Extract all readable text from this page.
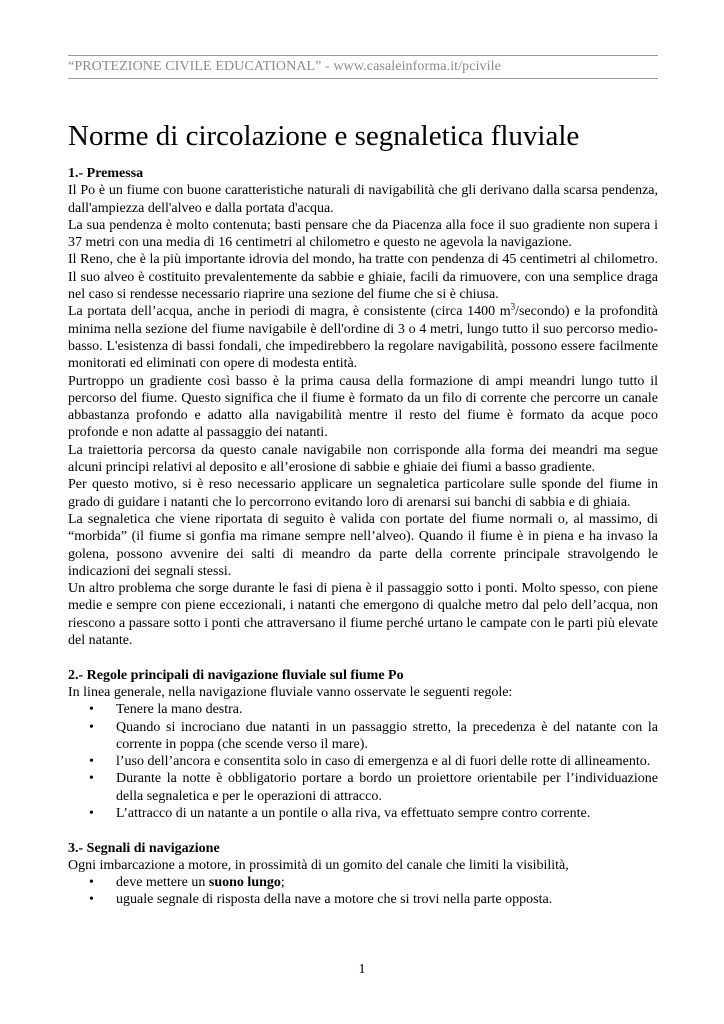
“PROTEZIONE CIVILE EDUCATIONAL” - www.casaleinforma.it/pcivile
Norme di circolazione e segnaletica fluviale

1.- Premessa

Il Po è un fiume con buone caratteristiche naturali di navigabilità che gli derivano dalla scarsa pendenza, dall'ampiezza dell'alveo e dalla portata d'acqua.

La sua pendenza è molto contenuta; basti pensare che da Piacenza alla foce il suo gradiente non supera i 37 metri con una media di 16 centimetri al chilometro e questo ne agevola la navigazione.

Il Reno, che è la più importante idrovia del mondo, ha tratte con pendenza di 45 centimetri al chilometro. Il suo alveo è costituito prevalentemente da sabbie e ghiaie, facili da rimuovere, con una semplice draga nel caso si rendesse necessario riaprire una sezione del fiume che si è chiusa.

La portata dell’acqua, anche in periodi di magra, è consistente (circa 1400 $m^3/secondo$) e la profondità minima nella sezione del fiume navigabile è dell'ordine di 3 o 4 metri, lungo tutto il suo percorso medio-basso. L'esistenza di bassi fondali, che impedirebbero la regolare navigabilità, possono essere facilmente monitorati ed eliminati con opere di modesta entità.

Purtroppo un gradiente così basso è la prima causa della formazione di ampi meandri lungo tutto il percorso del fiume. Questo significa che il fiume è formato da un filo di corrente che percorre un canale abbastanza profondo e adatto alla navigabilità mentre il resto del fiume è formato da acque poco profonde e non adatte al passaggio dei natanti.

La traiettoria percorsa da questo canale navigabile non corrisponde alla forma dei meandri ma segue alcuni principi relativi al deposito e all’erosione di sabbie e ghiaie dei fiumi a basso gradiente.

Per questo motivo, si è reso necessario applicare un segnaletica particolare sulle sponde del fiume in grado di guidare i natanti che lo percorrono evitando loro di arenarsi sui banchi di sabbia e di ghiaia.

La segnaletica che viene riportata di seguito è valida con portate del fiume normali o, al massimo, di “morbida” (il fiume si gonfia ma rimane sempre nell’alveo). Quando il fiume è in piena e ha invaso la golena, possono avvenire dei salti di meandro da parte della corrente principale stravolgendo le indicazioni dei segnali stessi.

Un altro problema che sorge durante le fasi di piena è il passaggio sotto i ponti. Molto spesso, con piene medie e sempre con piene eccezionali, i natanti che emergono di qualche metro dal pelo dell’acqua, non riescono a passare sotto i ponti che attraversano il fiume perché urtano le campate con le parti più elevate del natante.

2.- Regole principali di navigazione fluviale sul fiume Po

In linea generale, nella navigazione fluviale vanno osservate le seguenti regole:

• Tenere la mano destra.
• Quando si incrociano due natanti in un passaggio stretto, la precedenza è del natante con la corrente in poppa (che scende verso il mare).
• l’uso dell’ancora e consentita solo in caso di emergenza e al di fuori delle rotte di allineamento.
• Durante la notte è obbligatorio portare a bordo un proiettore orientabile per l’individuazione della segnaletica e per le operazioni di attracco.
• L’attracco di un natante a un pontile o alla riva, va effettuato sempre contro corrente.

3.- Segnali di navigazione

Ogni imbarcazione a motore, in prossimità di un gomito del canale che limiti la visibilità,

• deve mettere un suono lungo;
• uguale segnale di risposta della nave a motore che si trovi nella parte opposta.
1
